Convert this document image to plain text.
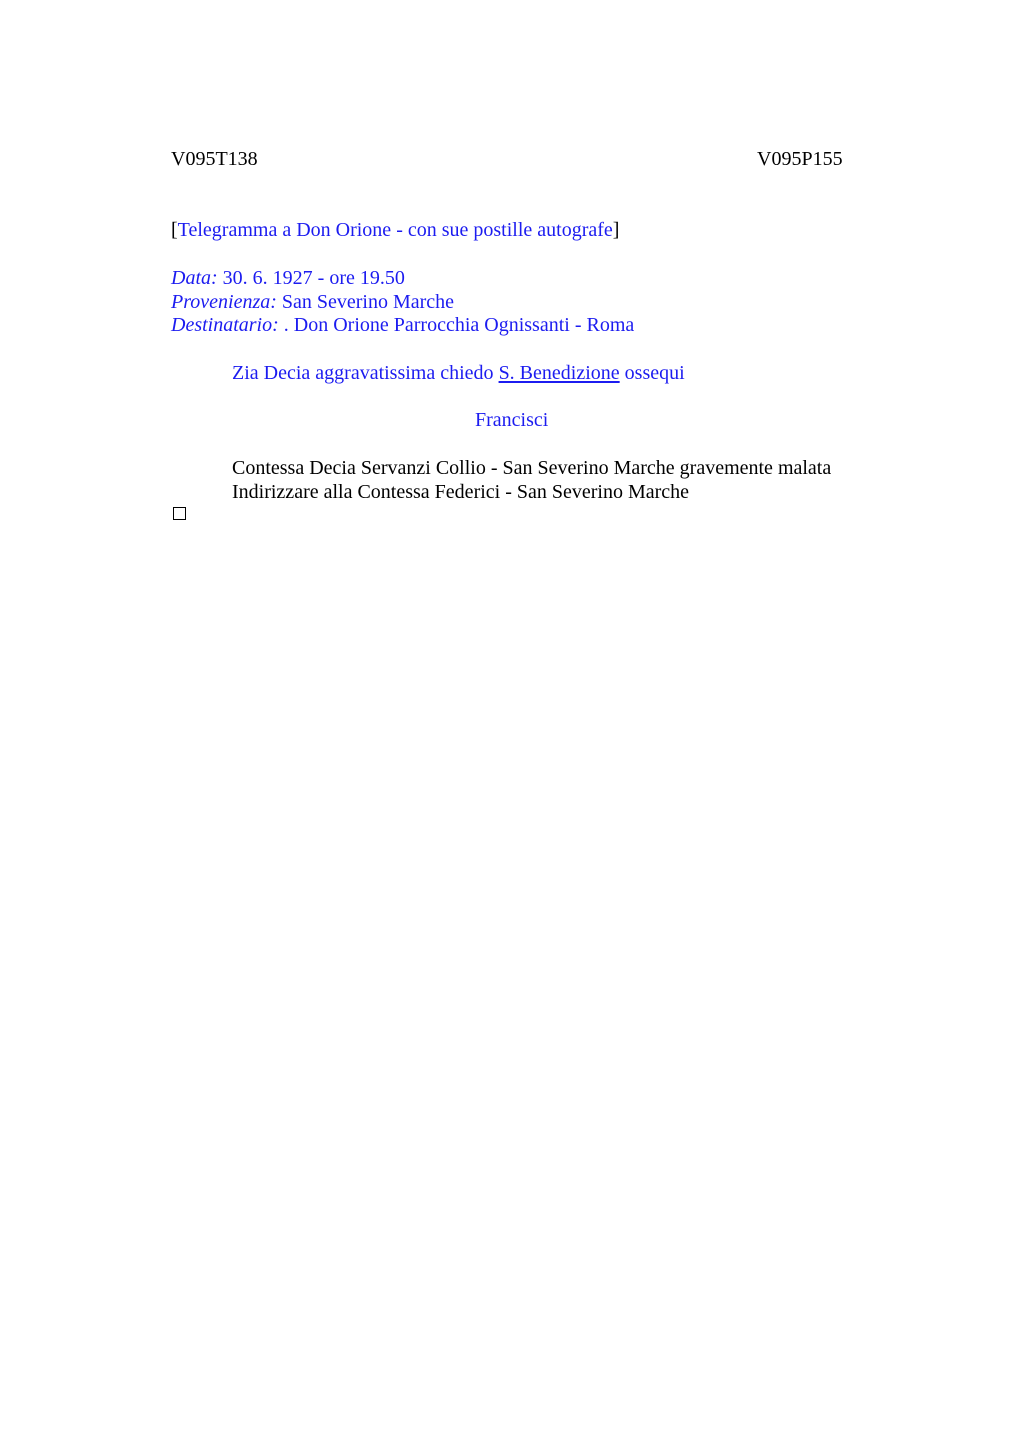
V095T138	V095P155
[Telegramma a Don Orione - con sue postille autografe]
Data: 30. 6. 1927 - ore 19.50
Provenienza: San Severino Marche
Destinatario: . Don Orione Parrocchia Ognissanti - Roma
Zia Decia aggravatissima chiedo S. Benedizione ossequi
Francisci
Contessa Decia Servanzi Collio - San Severino Marche gravemente malata
Indirizzare alla Contessa Federici - San Severino Marche
